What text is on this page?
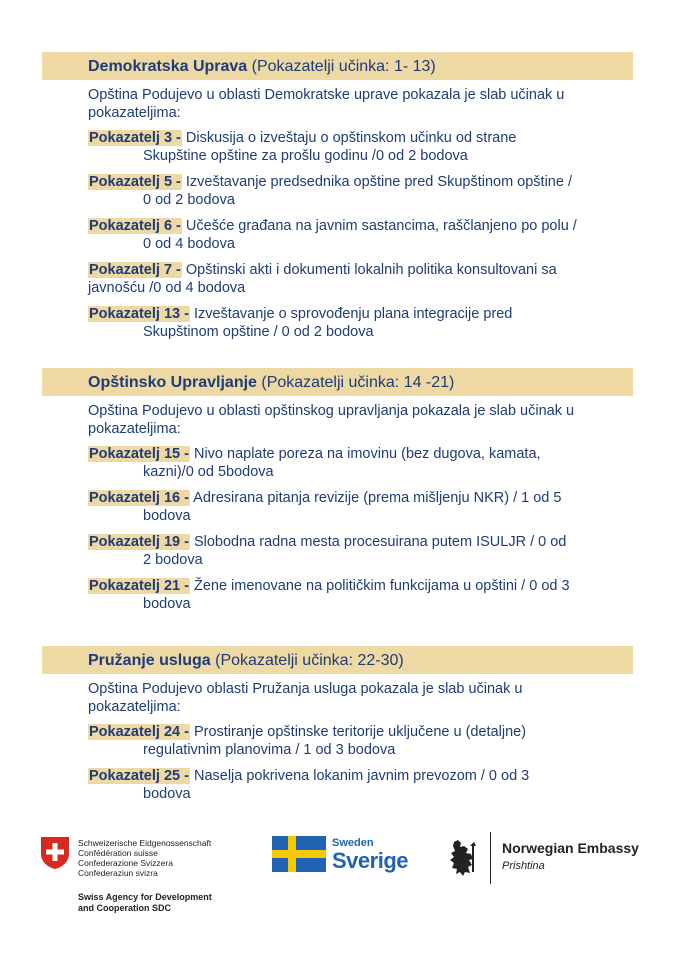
Demokratska Uprava (Pokazatelji učinka: 1- 13)
Opština Podujevo u oblasti Demokratske uprave pokazala je slab učinak u pokazateljima:
Pokazatelj 3 - Diskusija o izveštaju o opštinskom učinku od strane
Skupštine opštine za prošlu godinu /0 od 2 bodova
Pokazatelj 5 - Izveštavanje predsednika opštine pred Skupštinom opštine /
0 od 2 bodova
Pokazatelj 6 - Učešće građana na javnim sastancima, raščlanjeno po polu /
0 od 4 bodova
Pokazatelj 7 - Opštinski akti i dokumenti lokalnih politika konsultovani sa
javnošću /0 od 4 bodova
Pokazatelj 13 - Izveštavanje o sprovođenju plana integracije pred
Skupštinom opštine / 0 od 2 bodova
Opštinsko Upravljanje (Pokazatelji učinka: 14 -21)
Opština Podujevo u oblasti opštinskog upravljanja pokazala je slab učinak u pokazateljima:
Pokazatelj 15 - Nivo naplate poreza na imovinu (bez dugova, kamata,
kazni)/0 od 5bodova
Pokazatelj 16 - Adresirana pitanja revizije (prema mišljenju NKR) / 1 od 5
bodova
Pokazatelj 19 - Slobodna radna mesta procesuirana putem ISULJR / 0 od
2 bodova
Pokazatelj 21 - Žene imenovane na političkim funkcijama u opštini / 0 od 3
bodova
Pružanje usluga (Pokazatelji učinka: 22-30)
Opština Podujevo oblasti Pružanja usluga pokazala je slab učinak u pokazateljima:
Pokazatelj 24 - Prostiranje opštinske teritorije uključene u (detaljne)
regulativnim planovima / 1 od 3 bodova
Pokazatelj 25 - Naselja pokrivena lokanim javnim prevozom / 0 od 3
bodova
Schweizerische Eidgenossenschaft
Confédération suisse
Confederazione Svizzera
Confederaziun svizra
Swiss Agency for Development
and Cooperation SDC
Sweden
Sverige	Norwegian Embassy
Prishtina
